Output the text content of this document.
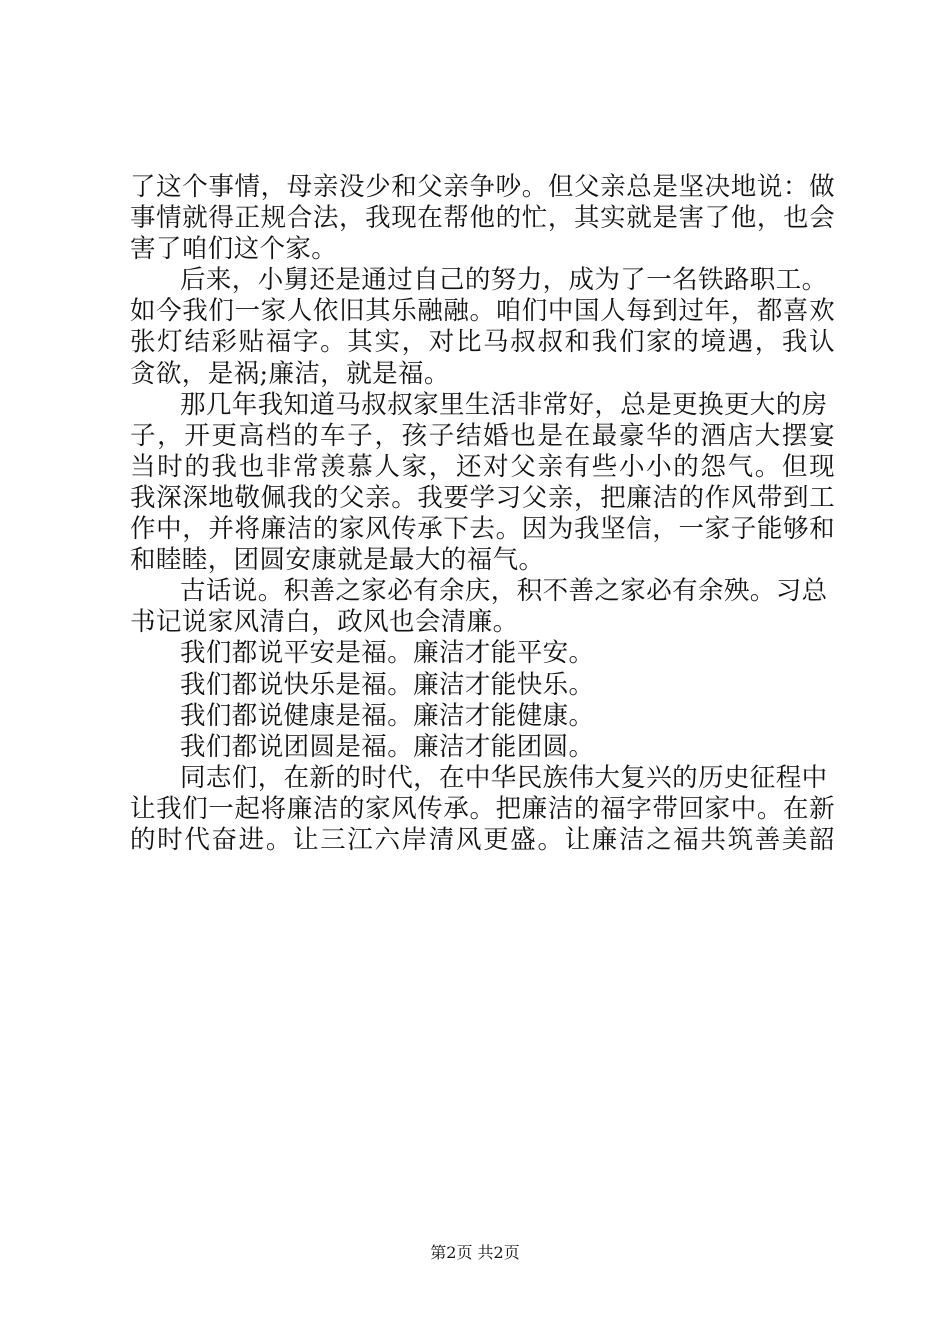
了这个事情，母亲没少和父亲争吵。但父亲总是坚决地说：做
事情就得正规合法，我现在帮他的忙，其实就是害了他，也会
害了咱们这个家。
后来，小舅还是通过自己的努力，成为了一名铁路职工。
如今我们一家人依旧其乐融融。咱们中国人每到过年，都喜欢
张灯结彩贴福字。其实，对比马叔叔和我们家的境遇，我认
贪欲，是祸;廉洁，就是福。
那几年我知道马叔叔家里生活非常好，总是更换更大的房
子，开更高档的车子，孩子结婚也是在最豪华的酒店大摆宴
当时的我也非常羡慕人家，还对父亲有些小小的怨气。但现
我深深地敬佩我的父亲。我要学习父亲，把廉洁的作风带到工
作中，并将廉洁的家风传承下去。因为我坚信，一家子能够和
和睦睦，团圆安康就是最大的福气。
古话说。积善之家必有余庆，积不善之家必有余殃。习总
书记说家风清白，政风也会清廉。
我们都说平安是福。廉洁才能平安。
我们都说快乐是福。廉洁才能快乐。
我们都说健康是福。廉洁才能健康。
我们都说团圆是福。廉洁才能团圆。
同志们，在新的时代，在中华民族伟大复兴的历史征程中
让我们一起将廉洁的家风传承。把廉洁的福字带回家中。在新
的时代奋进。让三江六岸清风更盛。让廉洁之福共筑善美韶
第2页 共2页
